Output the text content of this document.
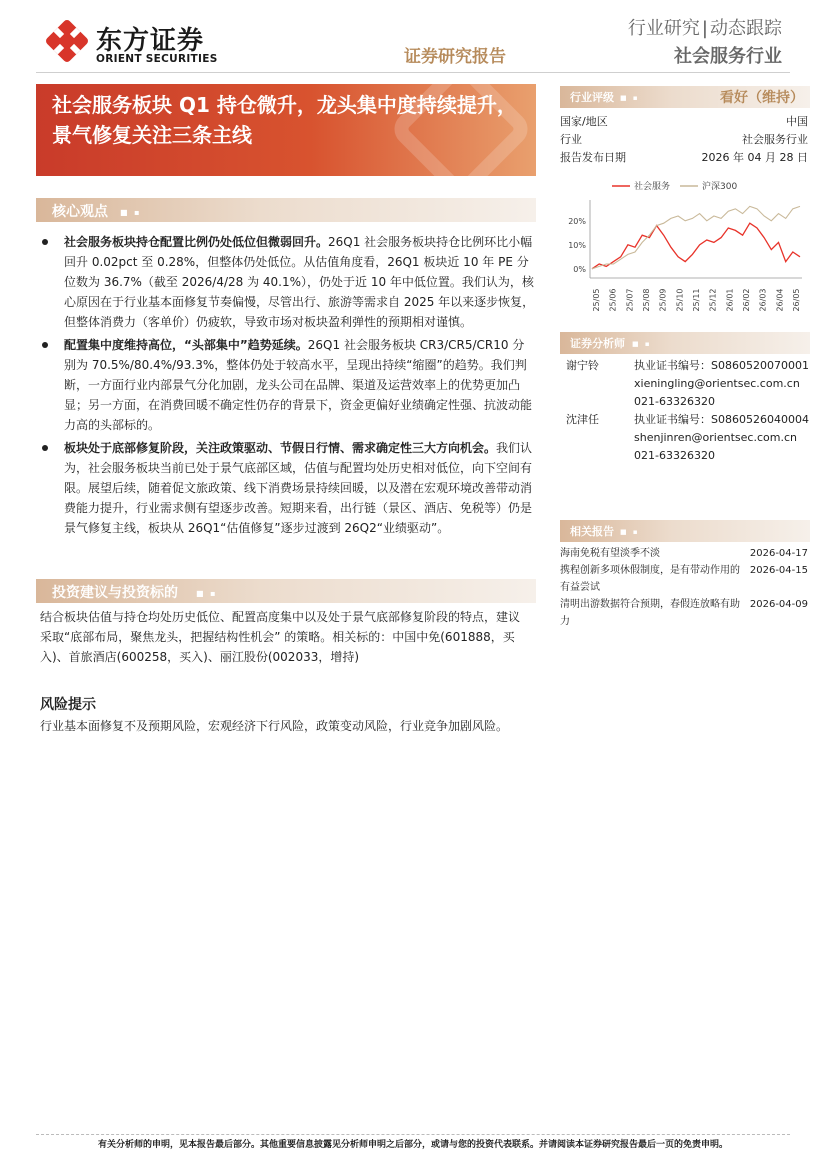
东方证券
ORIENT SECURITIES	证券研究报告
行业研究 | 动态跟踪
社会服务行业
社会服务板块 Q1 持仓微升，龙头集中度持续提升，景气修复关注三条主线
核心观点 ■ ▪
社会服务板块持仓配置比例仍处低位但微弱回升。26Q1 社会服务板块持仓比例环比小幅回升 0.02pct 至 0.28%，但整体仍处低位。从估值角度看，26Q1 板块近 10 年 PE 分位数为 36.7%（截至 2026/4/28 为 40.1%），仍处于近 10 年中低位置。我们认为，核心原因在于行业基本面修复节奏偏慢，尽管出行、旅游等需求自 2025 年以来逐步恢复，但整体消费力（客单价）仍疲软，导致市场对板块盈利弹性的预期相对谨慎。
配置集中度维持高位，“头部集中”趋势延续。26Q1 社会服务板块 CR3/CR5/CR10 分别为 70.5%/80.4%/93.3%，整体仍处于较高水平，呈现出持续“缩圈”的趋势。我们判断，一方面行业内部景气分化加剧，龙头公司在品牌、渠道及运营效率上的优势更加凸显；另一方面，在消费回暖不确定性仍存的背景下，资金更偏好业绩确定性强、抗波动能力高的头部标的。
板块处于底部修复阶段，关注政策驱动、节假日行情、需求确定性三大方向机会。我们认为，社会服务板块当前已处于景气底部区域，估值与配置均处历史相对低位，向下空间有限。展望后续，随着促文旅政策、线下消费场景持续回暖，以及潜在宏观环境改善带动消费能力提升，行业需求侧有望逐步改善。短期来看，出行链（景区、酒店、免税等）仍是景气修复主线，板块从 26Q1“估值修复”逐步过渡到 26Q2“业绩驱动”。
投资建议与投资标的 ■ ▪
结合板块估值与持仓均处历史低位、配置高度集中以及处于景气底部修复阶段的特点，建议采取“底部布局，聚焦龙头，把握结构性机会” 的策略。相关标的：中国中免(601888，买入)、首旅酒店(600258，买入)、丽江股份(002033，增持)
风险提示
行业基本面修复不及预期风险，宏观经济下行风险，政策变动风险，行业竞争加剧风险。
行业评级 ■ ▪	看好（维持）
国家/地区	中国
行业	社会服务行业
报告发布日期	2026 年 04 月 28 日
社会服务	沪深300
20%
10%
0%
25/05 25/06 25/07 25/08 25/09 25/10 25/11 25/12 26/01 26/02 26/03 26/04 26/05
证券分析师 ■ ▪
谢宁铃	执业证书编号：S0860520070001
xieningling@orientsec.com.cn
021-63326320
沈津任	执业证书编号：S0860526040004
shenjinren@orientsec.com.cn
021-63326320
相关报告 ■ ▪
海南免税有望淡季不淡	2026-04-17
携程创新多项休假制度，是有带动作用的有益尝试
2026-04-15
清明出游数据符合预期，春假连放略有助力
2026-04-09
有关分析师的申明，见本报告最后部分。其他重要信息披露见分析师申明之后部分，或请与您的投资代表联系。并请阅读本证券研究报告最后一页的免责申明。
